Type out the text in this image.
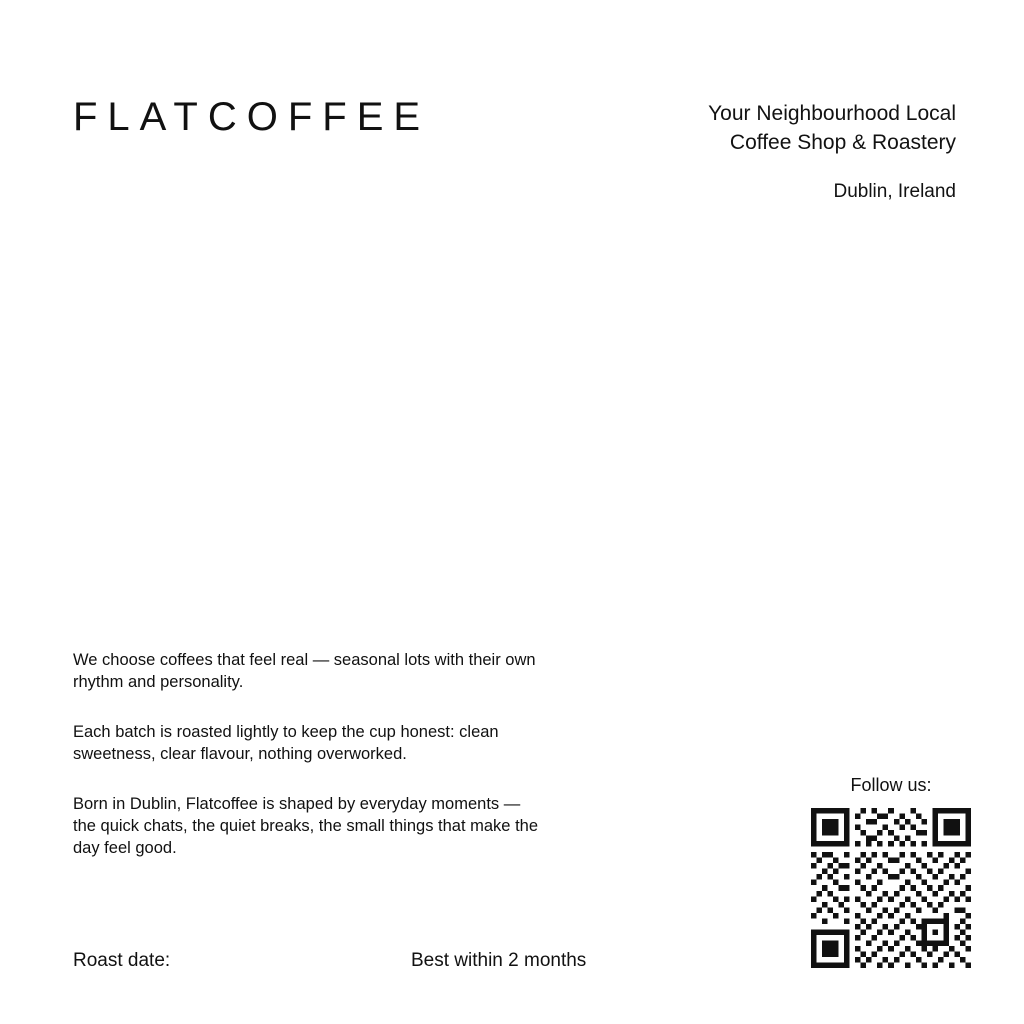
FLATCOFFEE	Your Neighbourhood Local
Coffee Shop & Roastery
Dublin, Ireland

We choose coffees that feel real — seasonal lots with their own rhythm and personality.

Each batch is roasted lightly to keep the cup honest: clean sweetness, clear flavour, nothing overworked.

Born in Dublin, Flatcoffee is shaped by everyday moments — the quick chats, the quiet breaks, the small things that make the day feel good.

Roast date:	Best within 2 months
Follow us:
